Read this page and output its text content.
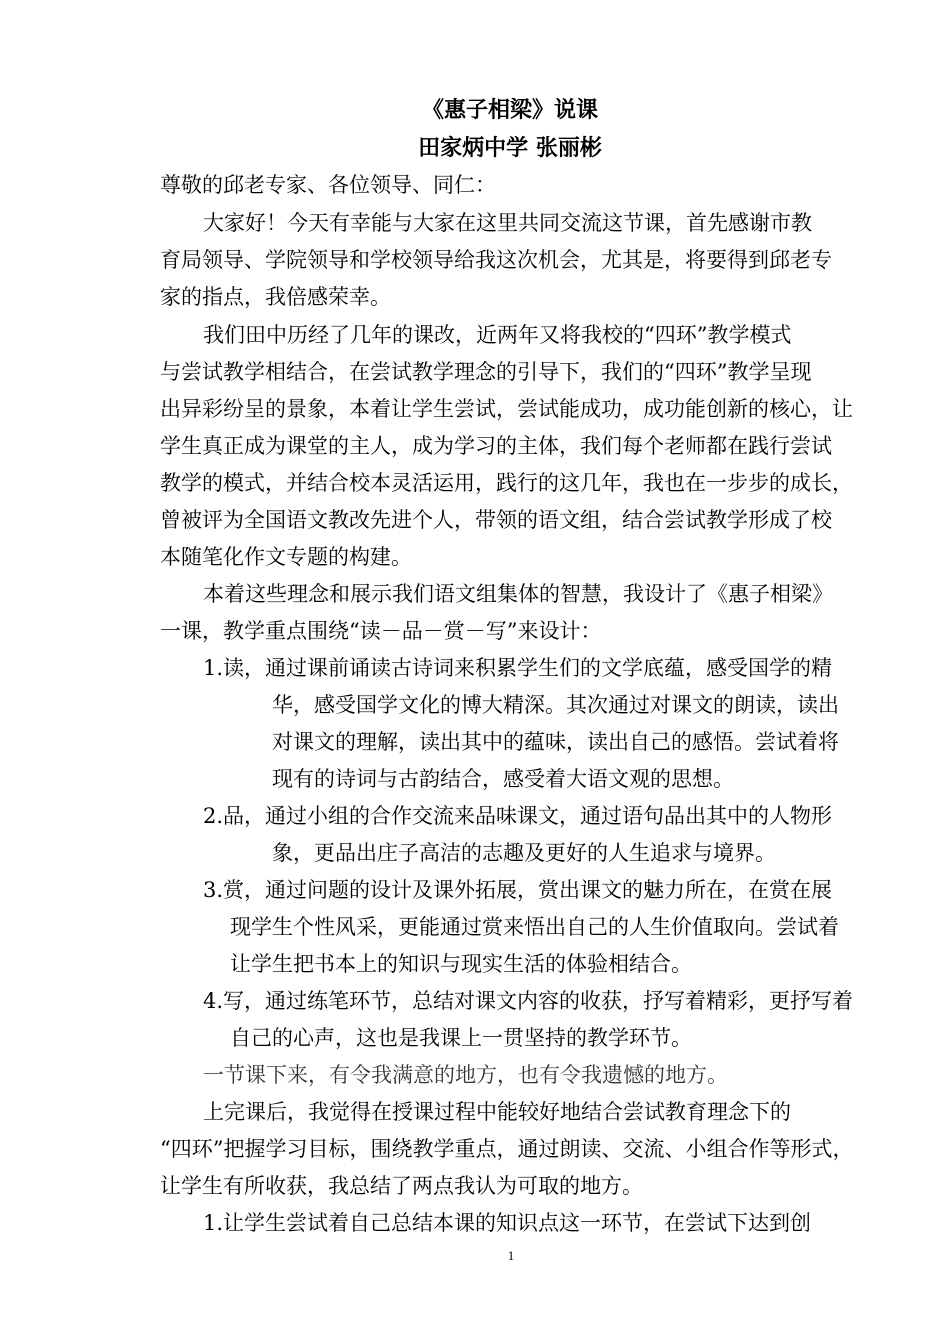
《惠子相梁》说课
田家炳中学 张丽彬
尊敬的邱老专家、各位领导、同仁：
大家好！今天有幸能与大家在这里共同交流这节课，首先感谢市教
育局领导、学院领导和学校领导给我这次机会，尤其是，将要得到邱老专
家的指点，我倍感荣幸。
我们田中历经了几年的课改，近两年又将我校的“四环”教学模式
与尝试教学相结合，在尝试教学理念的引导下，我们的“四环”教学呈现
出异彩纷呈的景象，本着让学生尝试，尝试能成功，成功能创新的核心，让
学生真正成为课堂的主人，成为学习的主体，我们每个老师都在践行尝试
教学的模式，并结合校本灵活运用，践行的这几年，我也在一步步的成长，
曾被评为全国语文教改先进个人，带领的语文组，结合尝试教学形成了校
本随笔化作文专题的构建。
本着这些理念和展示我们语文组集体的智慧，我设计了《惠子相梁》
一课，教学重点围绕“读－品－赏－写”来设计：
1.读，通过课前诵读古诗词来积累学生们的文学底蕴，感受国学的精
华，感受国学文化的博大精深。其次通过对课文的朗读，读出
对课文的理解，读出其中的蕴味，读出自己的感悟。尝试着将
现有的诗词与古韵结合，感受着大语文观的思想。
2.品，通过小组的合作交流来品味课文，通过语句品出其中的人物形
象，更品出庄子高洁的志趣及更好的人生追求与境界。
3.赏，通过问题的设计及课外拓展，赏出课文的魅力所在，在赏在展
现学生个性风采，更能通过赏来悟出自己的人生价值取向。尝试着
让学生把书本上的知识与现实生活的体验相结合。
4.写，通过练笔环节，总结对课文内容的收获，抒写着精彩，更抒写着
自己的心声，这也是我课上一贯坚持的教学环节。
一节课下来，有令我满意的地方，也有令我遗憾的地方。
上完课后，我觉得在授课过程中能较好地结合尝试教育理念下的
“四环”把握学习目标，围绕教学重点，通过朗读、交流、小组合作等形式，
让学生有所收获，我总结了两点我认为可取的地方。
1.让学生尝试着自己总结本课的知识点这一环节，在尝试下达到创
1
